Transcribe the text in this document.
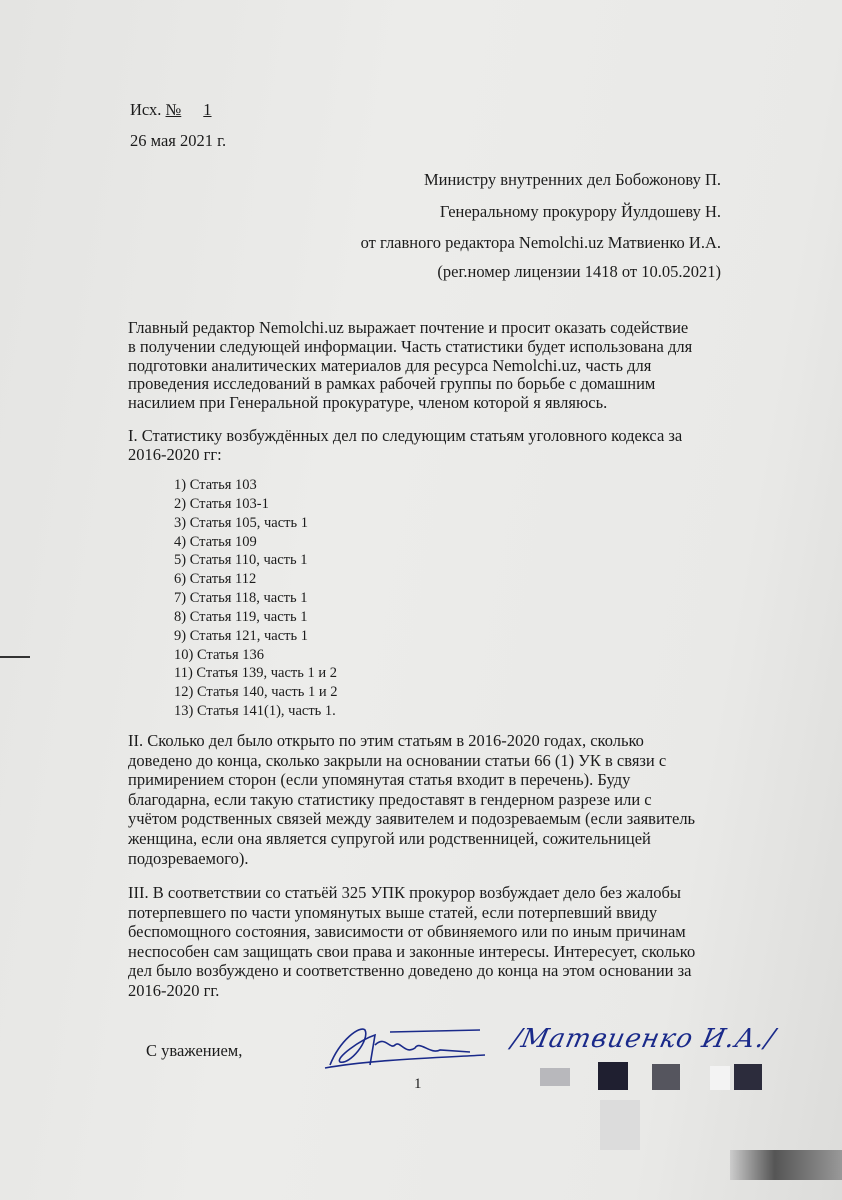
Исх. № 1
26 мая 2021 г.
Министру внутренних дел Бобожонову П.
Генеральному прокурору Йулдошеву Н.
от главного редактора Nemolchi.uz Матвиенко И.А.
(рег.номер лицензии 1418 от 10.05.2021)
Главный редактор Nemolchi.uz выражает почтение и просит оказать содействие
в получении следующей информации. Часть статистики будет использована для
подготовки аналитических материалов для ресурса Nemolchi.uz, часть для
проведения исследований в рамках рабочей группы по борьбе с домашним
насилием при Генеральной прокуратуре, членом которой я являюсь.
I. Статистику возбуждённых дел по следующим статьям уголовного кодекса за
2016-2020 гг:
1) Статья 103
2) Статья 103-1
3) Статья 105, часть 1
4) Статья 109
5) Статья 110, часть 1
6) Статья 112
7) Статья 118, часть 1
8) Статья 119, часть 1
9) Статья 121, часть 1
10) Статья 136
11) Статья 139, часть 1 и 2
12) Статья 140, часть 1 и 2
13) Статья 141(1), часть 1.
II. Сколько дел было открыто по этим статьям в 2016-2020 годах, сколько
доведено до конца, сколько закрыли на основании статьи 66 (1) УК в связи с
примирением сторон (если упомянутая статья входит в перечень). Буду
благодарна, если такую статистику предоставят в гендерном разрезе или с
учётом родственных связей между заявителем и подозреваемым (если заявитель
женщина, если она является супругой или родственницей, сожительницей
подозреваемого).
III. В соответствии со статьёй 325 УПК прокурор возбуждает дело без жалобы
потерпевшего по части упомянутых выше статей, если потерпевший ввиду
беспомощного состояния, зависимости от обвиняемого или по иным причинам
неспособен сам защищать свои права и законные интересы. Интересует, сколько
дел было возбуждено и соответственно доведено до конца на этом основании за
2016-2020 гг.
С уважением,	/Матвиенко И.А./
1
